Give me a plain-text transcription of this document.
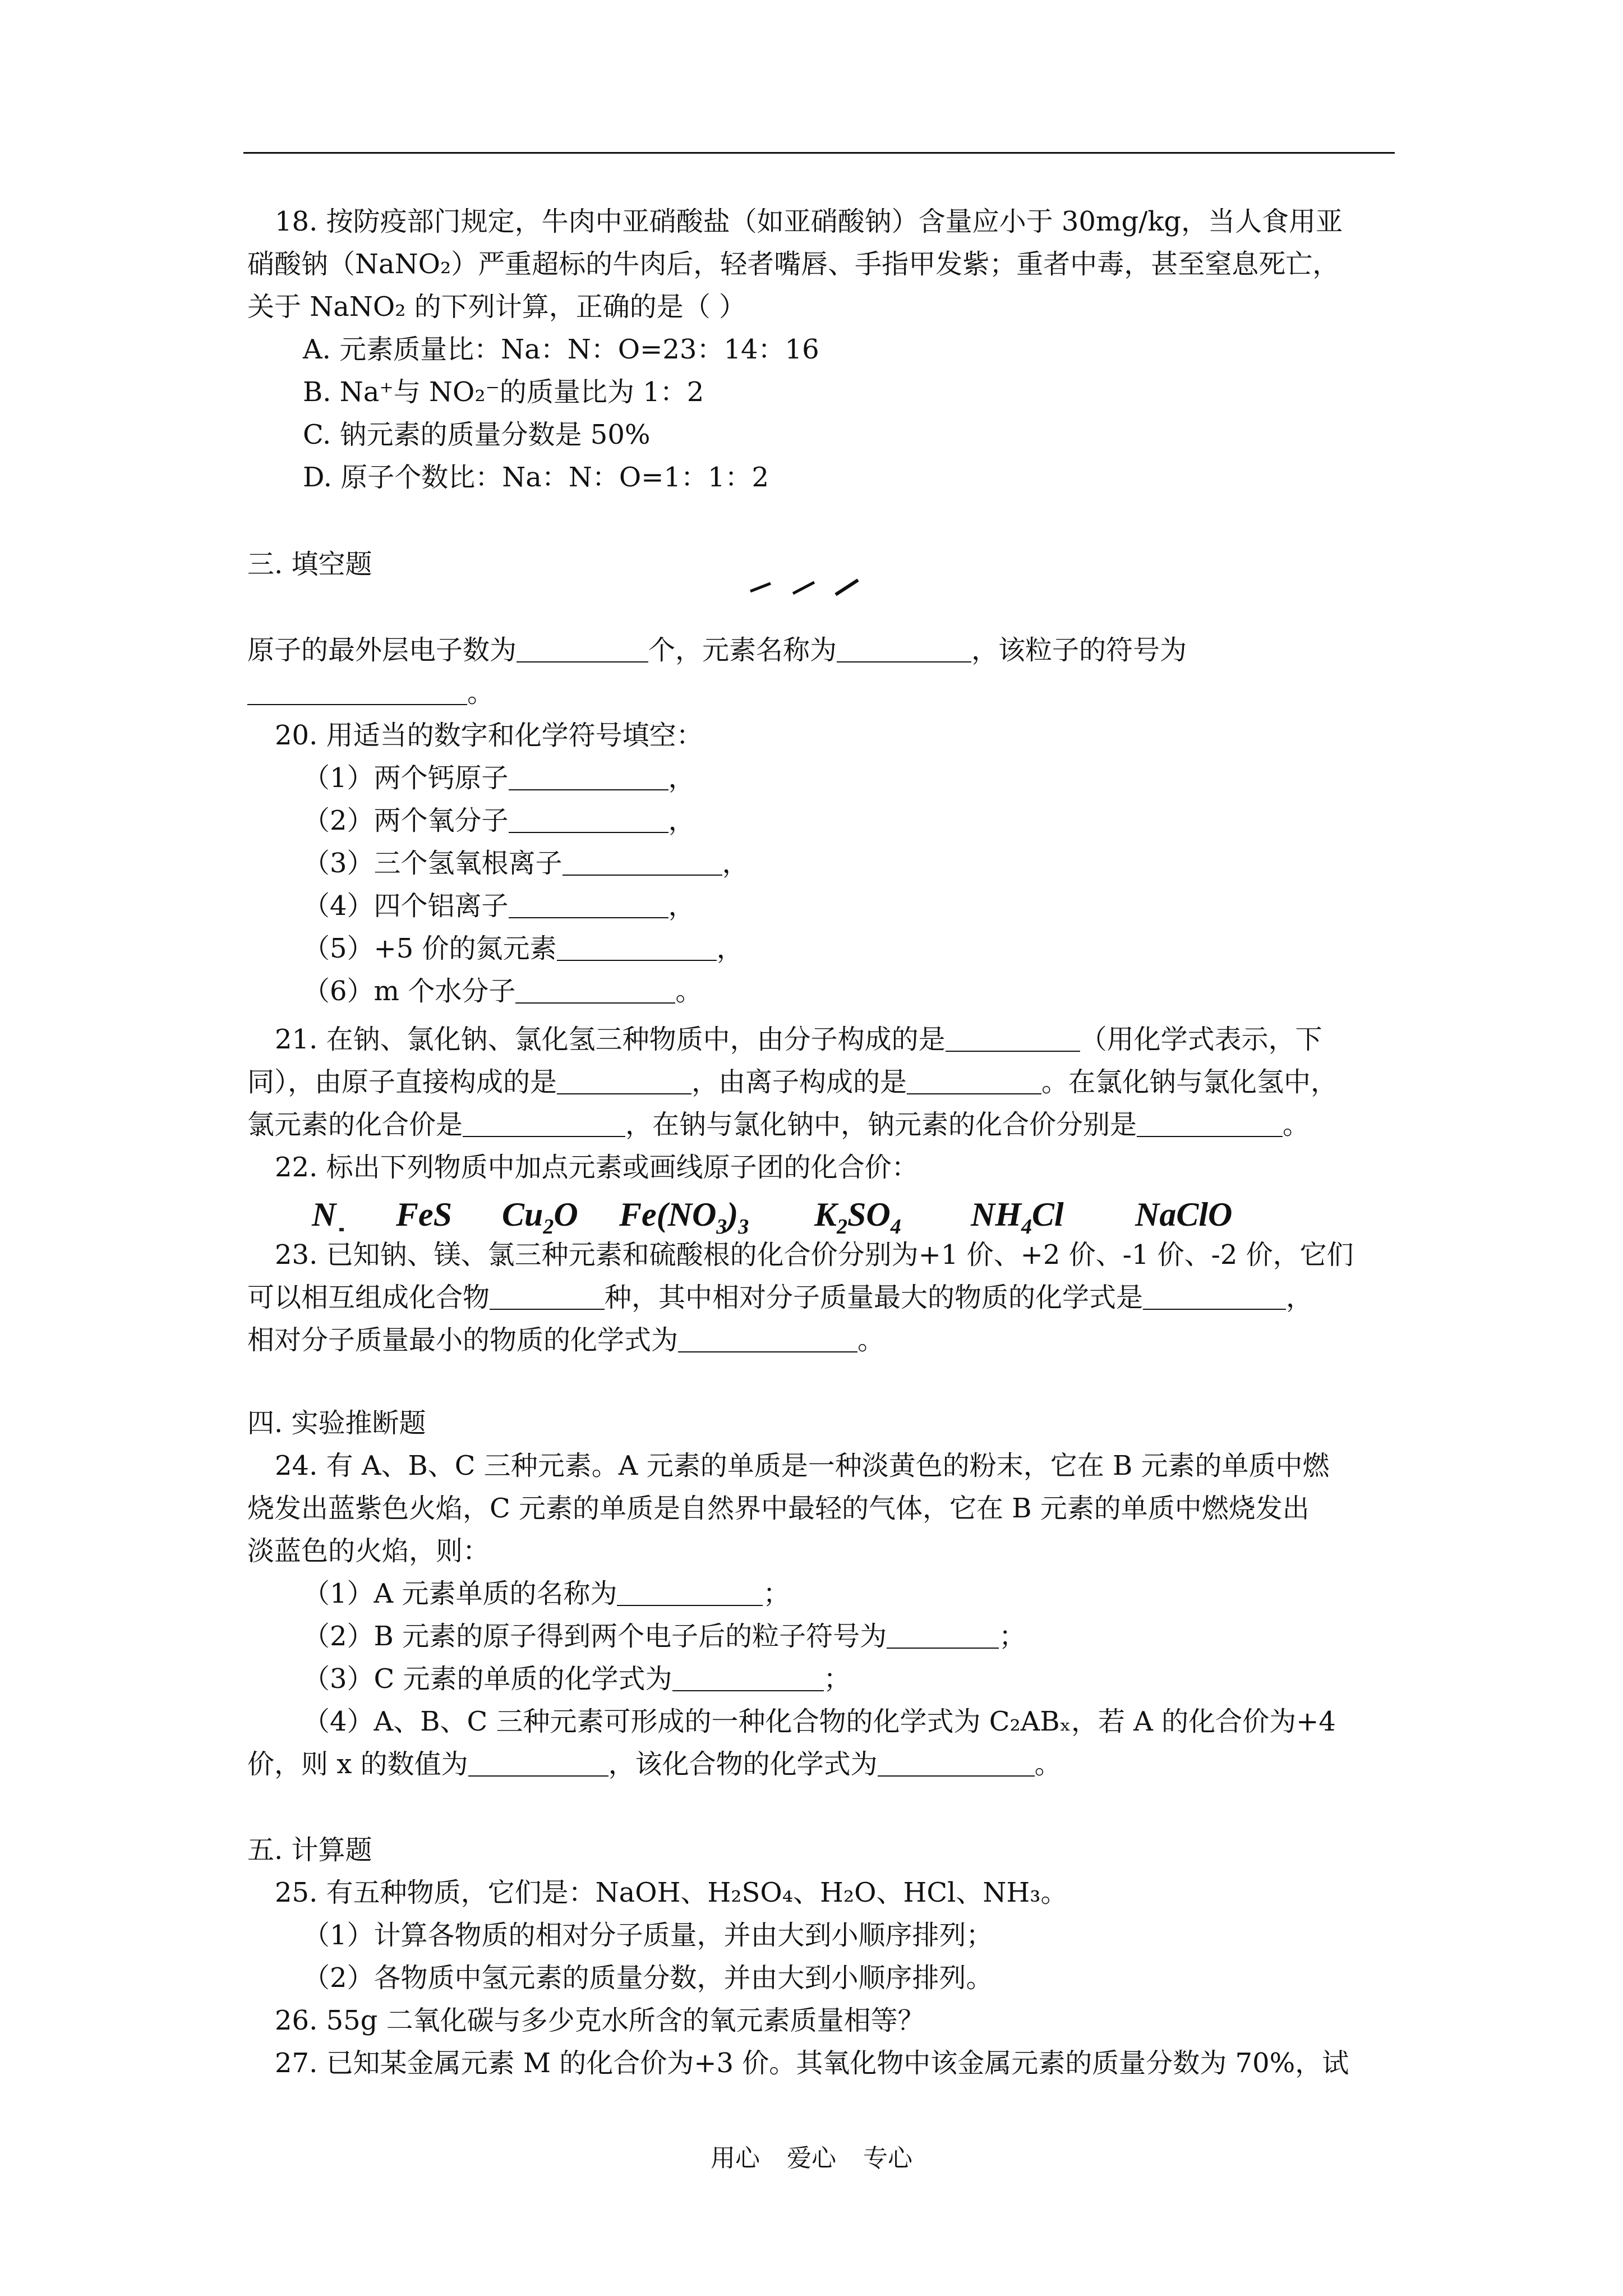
18. 按防疫部门规定，牛肉中亚硝酸盐（如亚硝酸钠）含量应小于 30mg/kg，当人食用亚
硝酸钠（NaNO₂）严重超标的牛肉后，轻者嘴唇、手指甲发紫；重者中毒，甚至窒息死亡，
关于 NaNO₂ 的下列计算，正确的是（ ）
A. 元素质量比：Na：N：O=23：14：16
B. Na⁺与 NO₂⁻的质量比为 1：2
C. 钠元素的质量分数是 50%
D. 原子个数比：Na：N：O=1：1：2
三. 填空题
原子的最外层电子数为	个，元素名称为	，该粒子的符号为
。
20. 用适当的数字和化学符号填空：
（1）两个钙原子	，
（2）两个氧分子	，
（3）三个氢氧根离子	，
（4）四个铝离子	，
（5）+5 价的氮元素	，
（6）m 个水分子	。
21. 在钠、氯化钠、氯化氢三种物质中，由分子构成的是	（用化学式表示，下
同），由原子直接构成的是	，由离子构成的是	。在氯化钠与氯化氢中，
氯元素的化合价是	，在钠与氯化钠中，钠元素的化合价分别是	。
22. 标出下列物质中加点元素或画线原子团的化合价：
N FeS $Cu_2O$ $Fe(NO_3)_3$ $K_2SO_4$ $NH_4Cl$ NaClO
23. 已知钠、镁、氯三种元素和硫酸根的化合价分别为+1 价、+2 价、-1 价、-2 价，它们
可以相互组成化合物	种，其中相对分子质量最大的物质的化学式是	，
相对分子质量最小的物质的化学式为	。
四. 实验推断题
24. 有 A、B、C 三种元素。A 元素的单质是一种淡黄色的粉末，它在 B 元素的单质中燃
烧发出蓝紫色火焰，C 元素的单质是自然界中最轻的气体，它在 B 元素的单质中燃烧发出
淡蓝色的火焰，则：
（1）A 元素单质的名称为	；
（2）B 元素的原子得到两个电子后的粒子符号为	；
（3）C 元素的单质的化学式为	；
（4）A、B、C 三种元素可形成的一种化合物的化学式为 C₂ABₓ，若 A 的化合价为+4
价，则 x 的数值为	，该化合物的化学式为	。
五. 计算题
25. 有五种物质，它们是：NaOH、H₂SO₄、H₂O、HCl、NH₃。
（1）计算各物质的相对分子质量，并由大到小顺序排列；
（2）各物质中氢元素的质量分数，并由大到小顺序排列。
26. 55g 二氧化碳与多少克水所含的氧元素质量相等？
27. 已知某金属元素 M 的化合价为+3 价。其氧化物中该金属元素的质量分数为 70%，试
用心 爱心 专心
